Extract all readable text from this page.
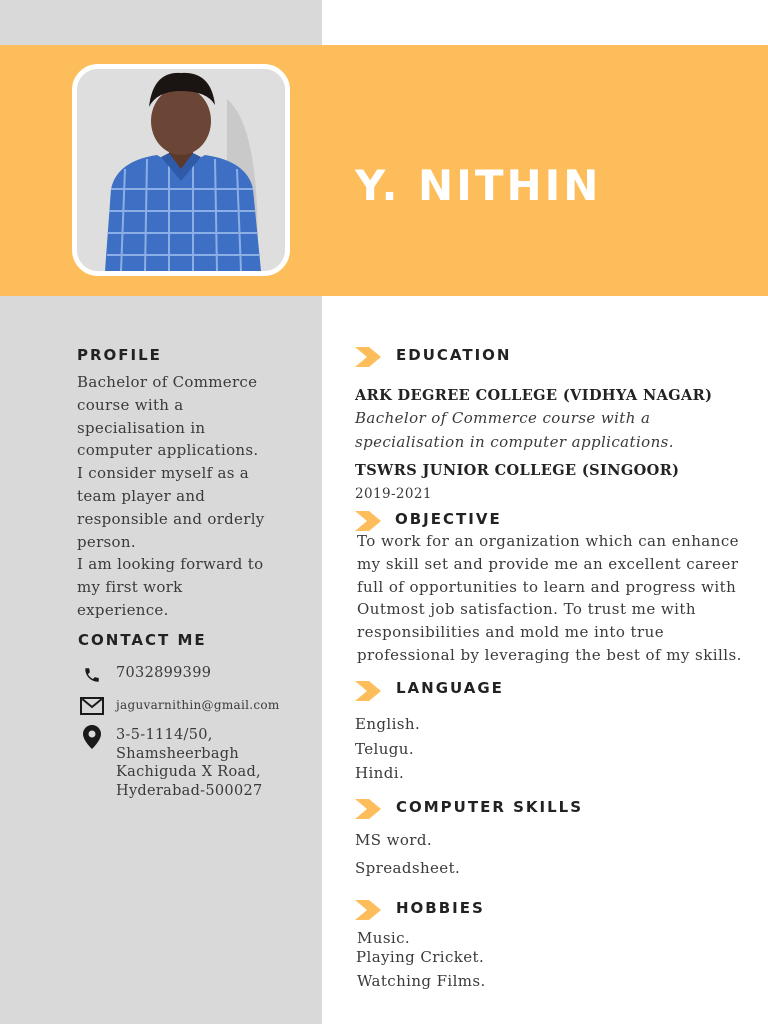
Y. NITHIN
PROFILE
Bachelor of Commerce
course with a
specialisation in
computer applications.
I consider myself as a
team player and
responsible and orderly
person.
I am looking forward to
my first work
experience.
CONTACT ME
7032899399
jaguvarnithin@gmail.com
3-5-1114/50,
Shamsheerbagh
Kachiguda X Road,
Hyderabad-500027
EDUCATION

ARK DEGREE COLLEGE (VIDHYA NAGAR)

Bachelor of Commerce course with a
specialisation in computer applications.

TSWRS JUNIOR COLLEGE (SINGOOR)

2019-2021

OBJECTIVE
To work for an organization which can enhance
my skill set and provide me an excellent career
full of opportunities to learn and progress with
Outmost job satisfaction. To trust me with
responsibilities and mold me into true
professional by leveraging the best of my skills.
LANGUAGE

English.

Telugu.

Hindi.

COMPUTER SKILLS

MS word.

Spreadsheet.

HOBBIES

Music.

Playing Cricket.

Watching Films.
